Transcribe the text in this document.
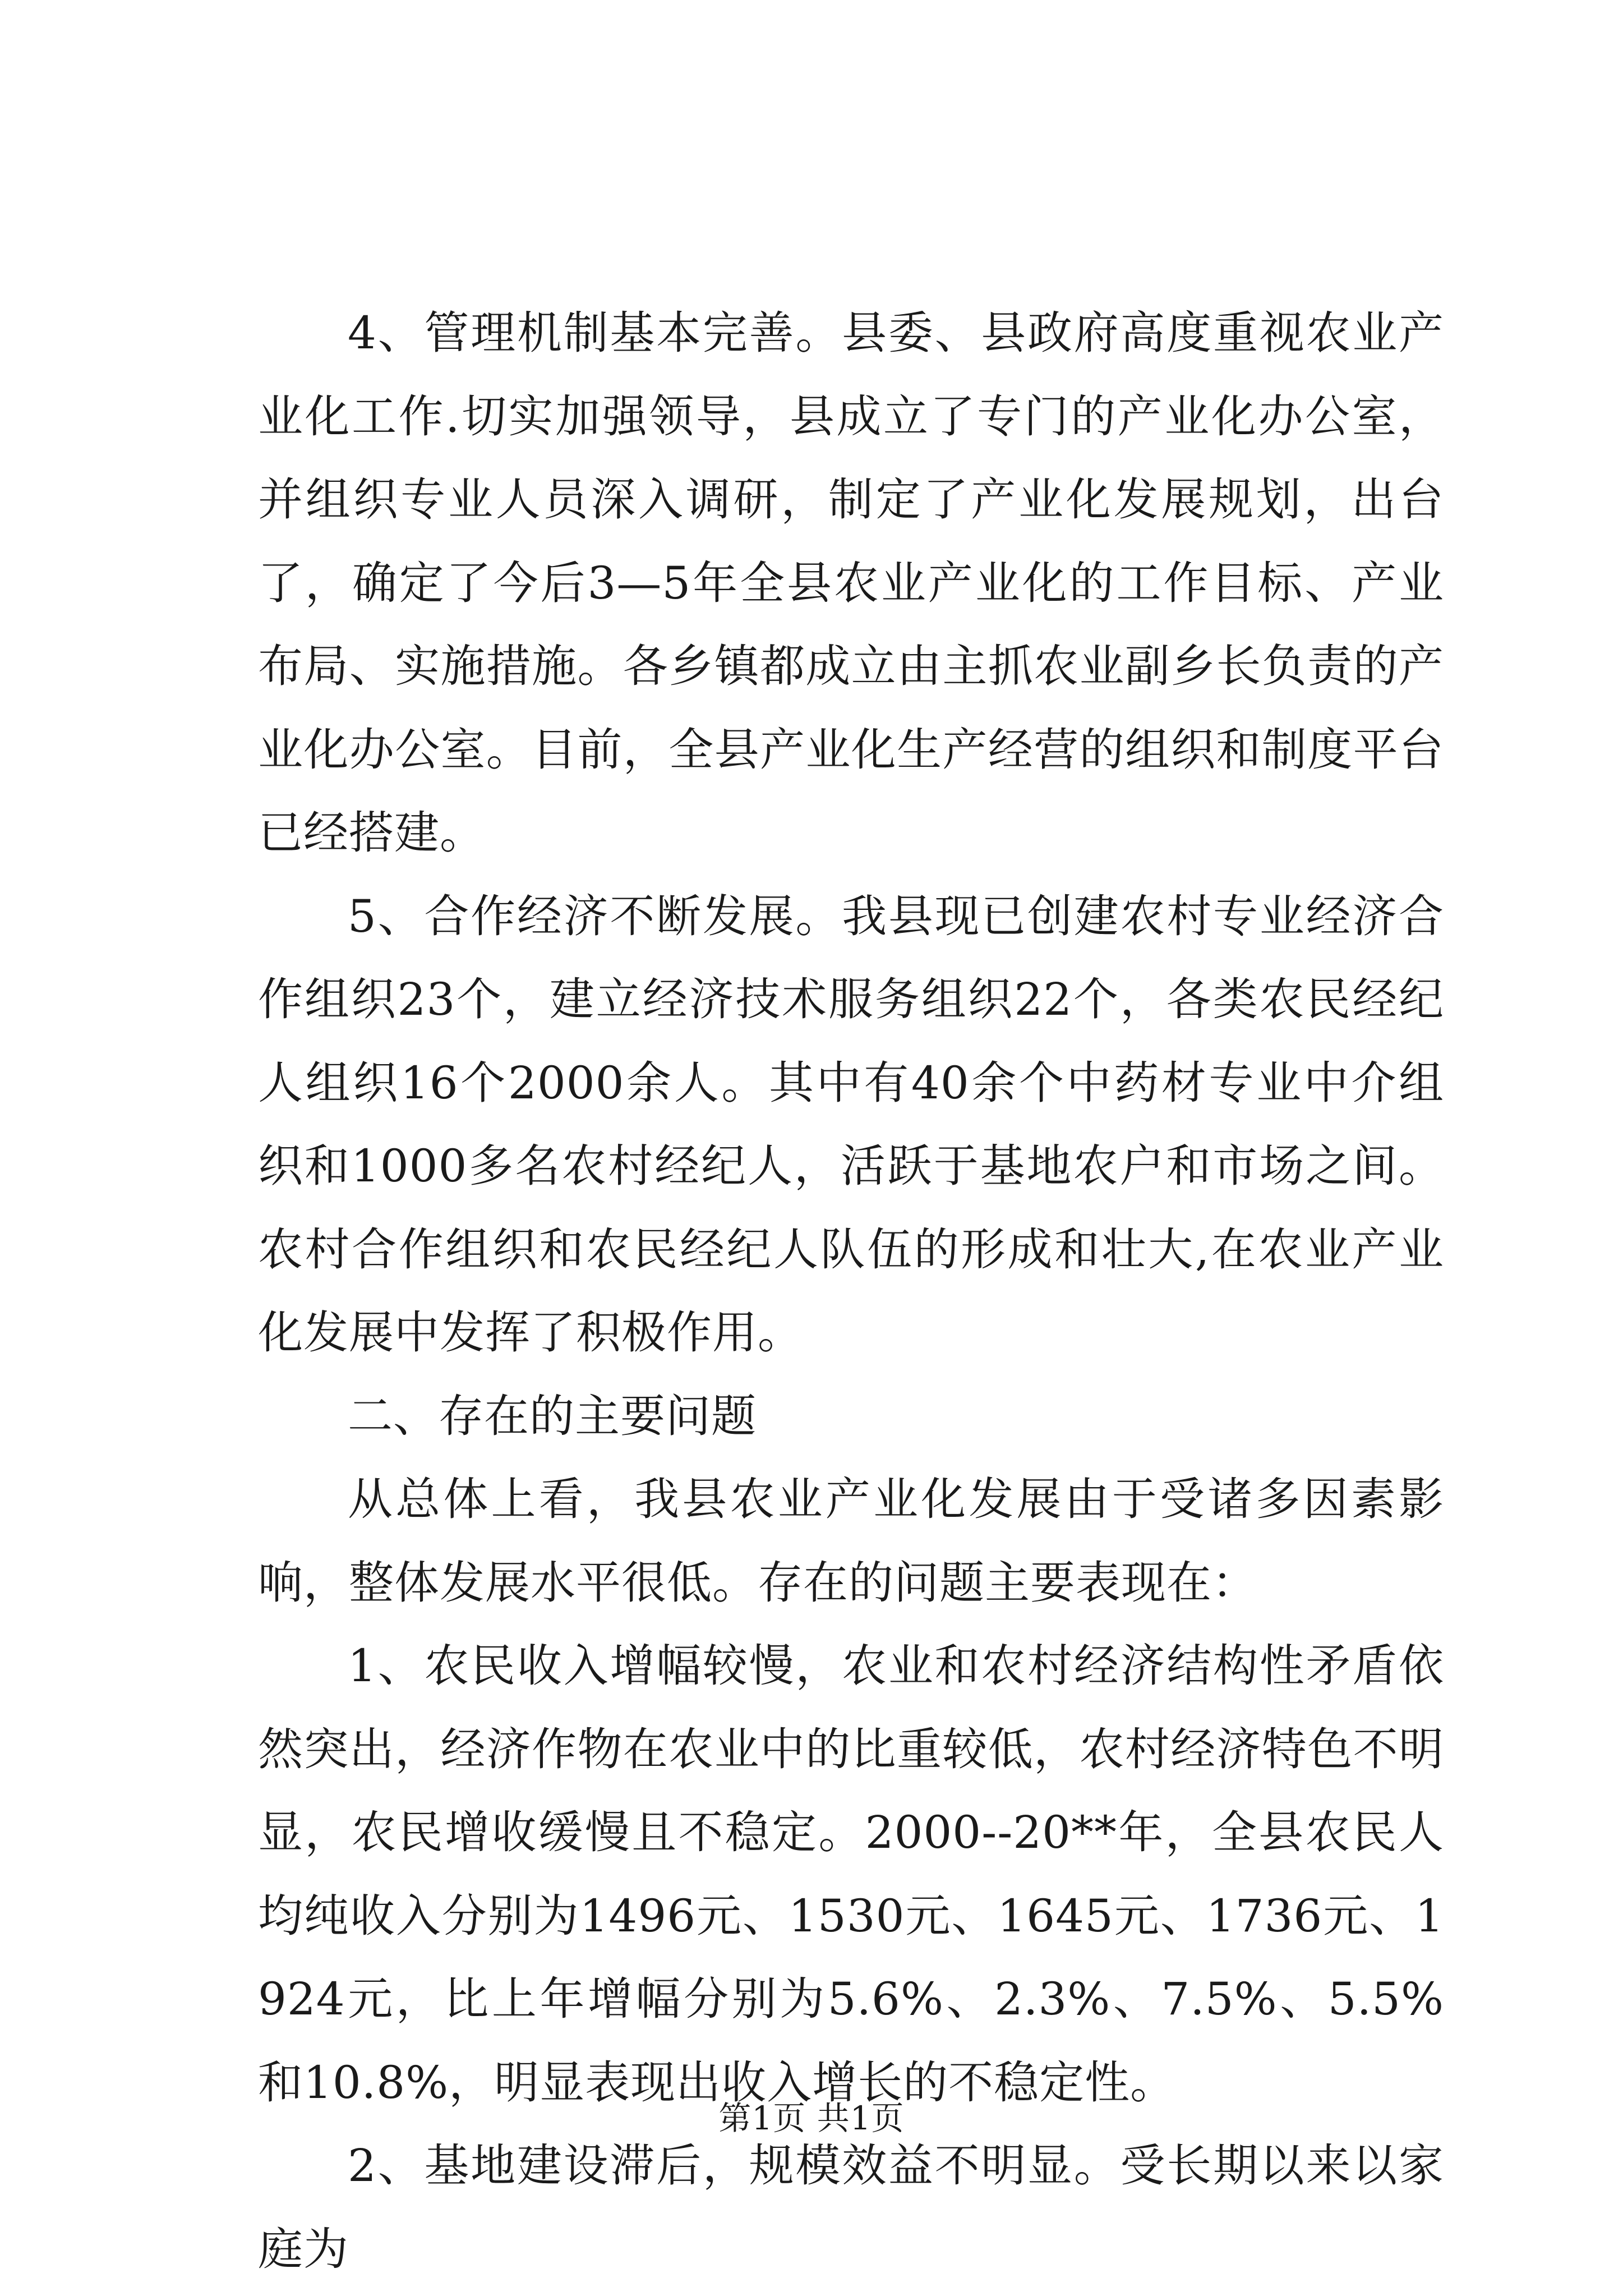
4、管理机制基本完善。县委、县政府高度重视农业产业化工作.切实加强领导，县成立了专门的产业化办公室，并组织专业人员深入调研，制定了产业化发展规划，出台了，确定了今后3—5年全县农业产业化的工作目标、产业布局、实施措施。各乡镇都成立由主抓农业副乡长负责的产业化办公室。目前，全县产业化生产经营的组织和制度平台已经搭建。

5、合作经济不断发展。我县现已创建农村专业经济合作组织23个，建立经济技术服务组织22个，各类农民经纪人组织16个2000余人。其中有40余个中药材专业中介组织和1000多名农村经纪人，活跃于基地农户和市场之间。农村合作组织和农民经纪人队伍的形成和壮大,在农业产业化发展中发挥了积极作用。

二、存在的主要问题

从总体上看，我县农业产业化发展由于受诸多因素影响，整体发展水平很低。存在的问题主要表现在：

1、农民收入增幅较慢，农业和农村经济结构性矛盾依然突出，经济作物在农业中的比重较低，农村经济特色不明显，农民增收缓慢且不稳定。2000--20**年，全县农民人均纯收入分别为1496元、1530元、1645元、1736元、1924元，比上年增幅分别为5.6%、2.3%、7.5%、5.5%和10.8%，明显表现出收入增长的不稳定性。

2、基地建设滞后，规模效益不明显。受长期以来以家庭为

第1页 共1页
